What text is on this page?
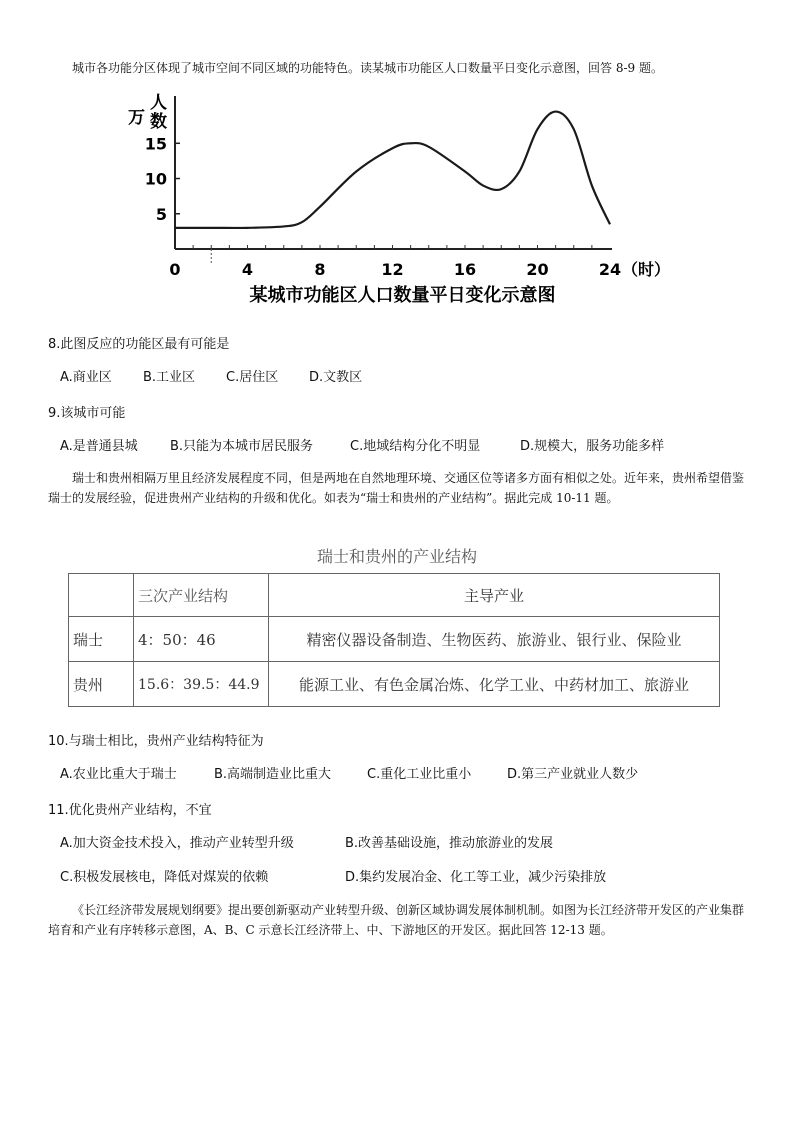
城市各功能分区体现了城市空间不同区域的功能特色。读某城市功能区人口数量平日变化示意图，回答 8-9 题。
0	4	8	12	16	20	24 （时）
5
10
15
万
人
数
某城市功能区人口数量平日变化示意图
8.此图反应的功能区最有可能是
A.商业区 B.工业区 C.居住区 D.文教区
9.该城市可能
A.是普通县城 B.只能为本城市居民服务	C.地域结构分化不明显	D.规模大，服务功能多样
瑞士和贵州相隔万里且经济发展程度不同，但是两地在自然地理环境、交通区位等诸多方面有相似之处。近年来，贵州希望借鉴瑞士的发展经验，促进贵州产业结构的升级和优化。如表为“瑞士和贵州的产业结构”。据此完成 10-11 题。
瑞士和贵州的产业结构
	三次产业结构	主导产业
瑞士	4：50：46	精密仪器设备制造、生物医药、旅游业、银行业、保险业
贵州	15.6：39.5：44.9	能源工业、有色金属冶炼、化学工业、中药材加工、旅游业
10.与瑞士相比，贵州产业结构特征为
A.农业比重大于瑞士	B.高端制造业比重大	C.重化工业比重小	D.第三产业就业人数少
11.优化贵州产业结构，不宜
A.加大资金技术投入，推动产业转型升级	B.改善基础设施，推动旅游业的发展
C.积极发展核电，降低对煤炭的依赖	D.集约发展冶金、化工等工业，减少污染排放
《长江经济带发展规划纲要》提出要创新驱动产业转型升级、创新区域协调发展体制机制。如图为长江经济带开发区的产业集群培育和产业有序转移示意图，A、B、C 示意长江经济带上、中、下游地区的开发区。据此回答 12-13 题。
